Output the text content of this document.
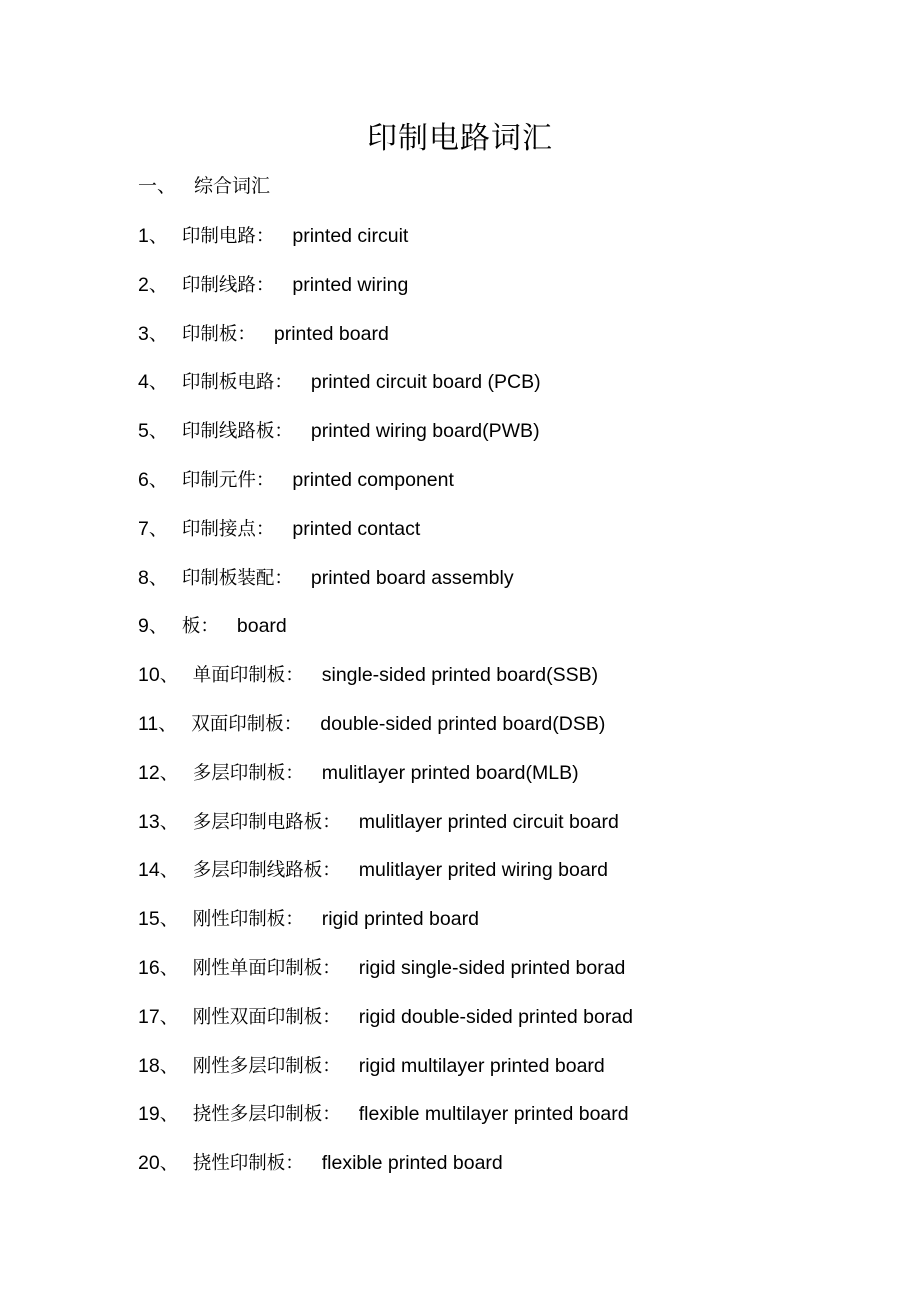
印制电路词汇
一、 综合词汇
1、 印制电路： printed circuit
2、 印制线路： printed wiring
3、 印制板： printed board
4、 印制板电路： printed circuit board (PCB)
5、 印制线路板： printed wiring board(PWB)
6、 印制元件： printed component
7、 印制接点： printed contact
8、 印制板装配： printed board assembly
9、 板： board
10、 单面印制板： single-sided printed board(SSB)
11、 双面印制板： double-sided printed board(DSB)
12、 多层印制板： mulitlayer printed board(MLB)
13、 多层印制电路板： mulitlayer printed circuit board
14、 多层印制线路板： mulitlayer prited wiring board
15、 刚性印制板： rigid printed board
16、 刚性单面印制板： rigid single-sided printed borad
17、 刚性双面印制板： rigid double-sided printed borad
18、 刚性多层印制板： rigid multilayer printed board
19、 挠性多层印制板： flexible multilayer printed board
20、 挠性印制板： flexible printed board
